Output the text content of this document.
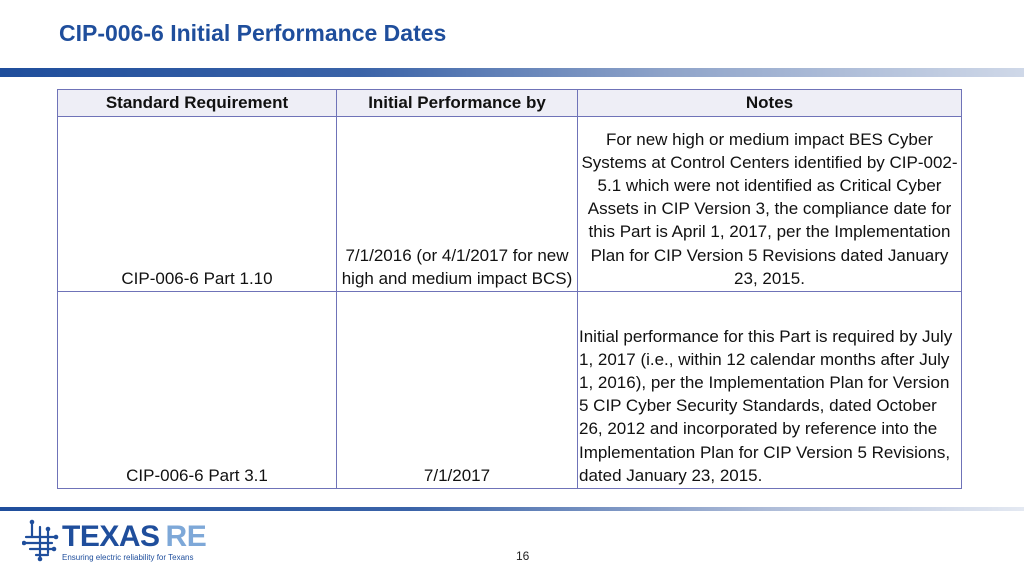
CIP-006-6 Initial Performance Dates
Standard Requirement	Initial Performance by	Notes
CIP-006-6 Part 1.10	7/1/2016 (or 4/1/2017 for new high and medium impact BCS)	For new high or medium impact BES Cyber Systems at Control Centers identified by CIP-002-5.1 which were not identified as Critical Cyber Assets in CIP Version 3, the compliance date for this Part is April 1, 2017, per the Implementation Plan for CIP Version 5 Revisions dated January 23, 2015.
CIP-006-6 Part 3.1	7/1/2017	Initial performance for this Part is required by July 1, 2017 (i.e., within 12 calendar months after July 1, 2016), per the Implementation Plan for Version 5 CIP Cyber Security Standards, dated October 26, 2012 and incorporated by reference into the Implementation Plan for CIP Version 5 Revisions, dated January 23, 2015.
TEXAS RE
Ensuring electric reliability for Texans	16
